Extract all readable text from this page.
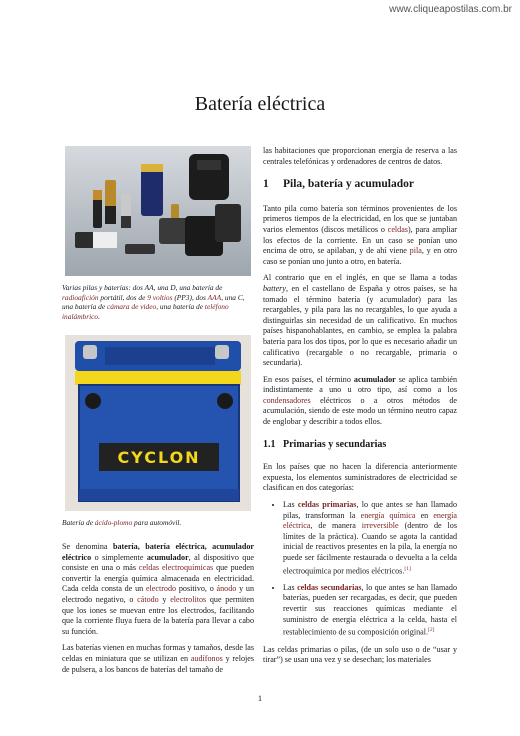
www.cliqueapostilas.com.br
Batería eléctrica
Varias pilas y baterías: dos AA, una D, una batería de radioafición portátil, dos de 9 voltios (PP3), dos AAA, una C, una batería de cámara de video, una batería de teléfono inalámbrico.
CYCLON
Batería de ácido-plomo para automóvil.

Se denomina batería, batería eléctrica, acumulador eléctrico o simplemente acumulador, al dispositivo que consiste en una o más celdas electroquímicas que pueden convertir la energía química almacenada en electricidad. Cada celda consta de un electrodo positivo, o ánodo y un electrodo negativo, o cátodo y electrolitos que permiten que los iones se muevan entre los electrodos, facilitando que la corriente fluya fuera de la batería para llevar a cabo su función.

Las baterías vienen en muchas formas y tamaños, desde las celdas en miniatura que se utilizan en audífonos y relojes de pulsera, a los bancos de baterías del tamaño de

las habitaciones que proporcionan energía de reserva a las centrales telefónicas y ordenadores de centros de datos.

1 Pila, batería y acumulador

Tanto pila como batería son términos provenientes de los primeros tiempos de la electricidad, en los que se juntaban varios elementos (discos metálicos o celdas), para ampliar los efectos de la corriente. En un caso se ponían uno encima de otro, se apilaban, y de ahí viene pila, y en otro caso se ponían uno junto a otro, en batería.

Al contrario que en el inglés, en que se llama a todas battery, en el castellano de España y otros países, se ha tomado el término batería (y acumulador) para las recargables, y pila para las no recargables, lo que ayuda a distinguirlas sin necesidad de un calificativo. En muchos países hispanohablantes, en cambio, se emplea la palabra batería para los dos tipos, por lo que es necesario añadir un calificativo (recargable o no recargable, primaria o secundaria).

En esos países, el término acumulador se aplica también indistintamente a uno u otro tipo, así como a los condensadores eléctricos o a otros métodos de acumulación, siendo de este modo un término neutro capaz de englobar y describir a todos ellos.

1.1 Primarias y secundarias

En los países que no hacen la diferencia anteriormente expuesta, los elementos suministradores de electricidad se clasifican en dos categorías:

• Las celdas primarias, lo que antes se han llamado pilas, transforman la energía química en energía eléctrica, de manera irreversible (dentro de los límites de la práctica). Cuando se agota la cantidad inicial de reactivos presentes en la pila, la energía no puede ser fácilmente restaurada o devuelta a la celda electroquímica por medios eléctricos.[1]
• Las celdas secundarias, lo que antes se han llamado baterías, pueden ser recargadas, es decir, que pueden revertir sus reacciones químicas mediante el suministro de energía eléctrica a la celda, hasta el restablecimiento de su composición original.[2]

Las celdas primarias o pilas, (de un solo uso o de “usar y tirar”) se usan una vez y se desechan; los materiales

1
